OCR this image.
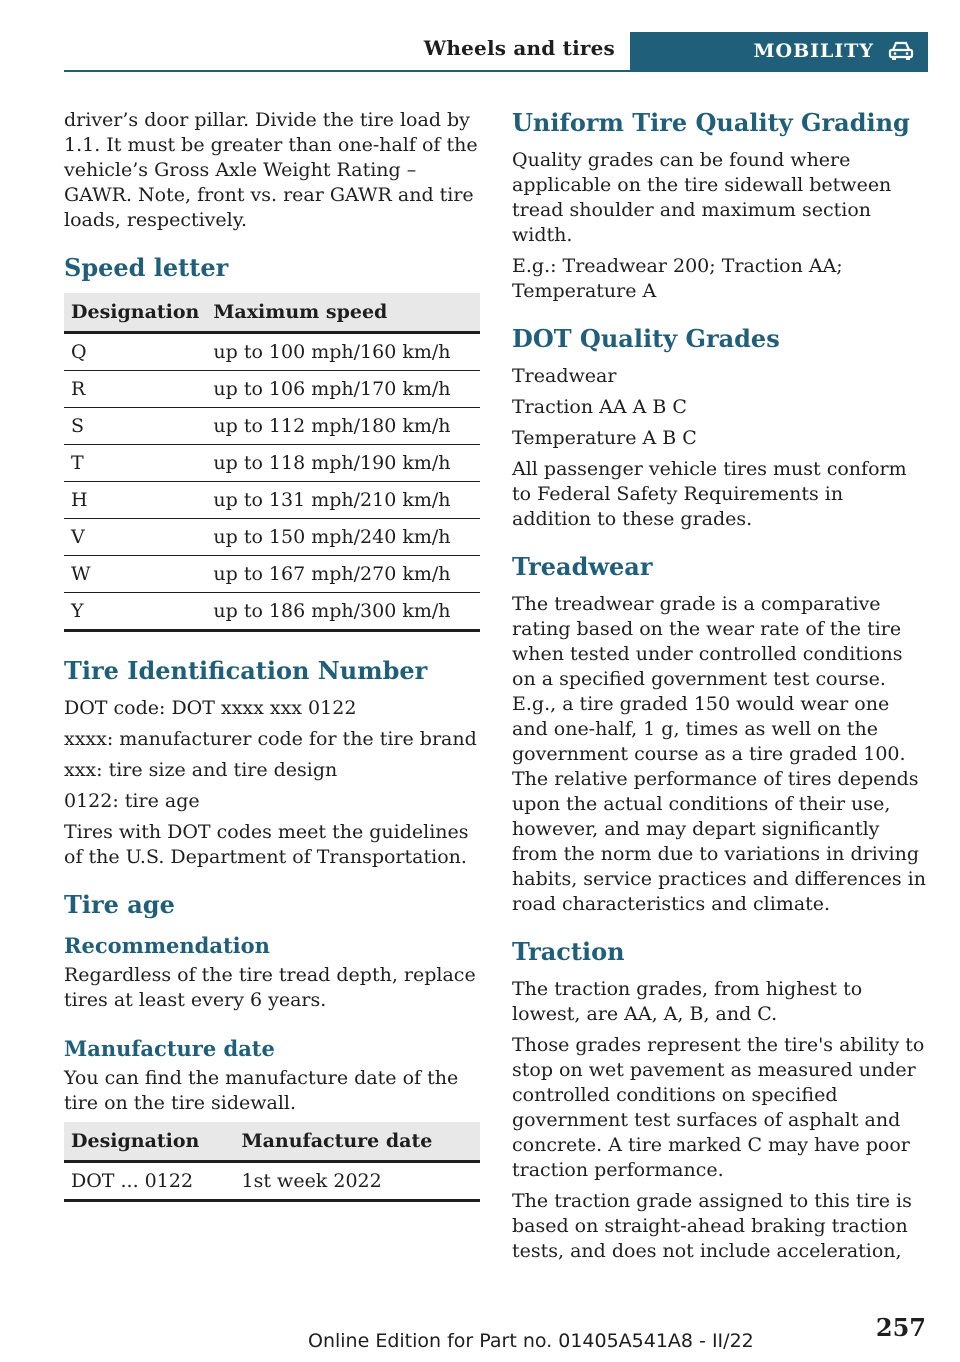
Wheels and tires	MOBILITY

driver’s door pillar. Divide the tire load by 1.1. It must be greater than one-half of the vehicle’s Gross Axle Weight Rating – GAWR. Note, front vs. rear GAWR and tire loads, respectively.

Speed letter
Designation	Maximum speed
Q	up to 100 mph/160 km/h
R	up to 106 mph/170 km/h
S	up to 112 mph/180 km/h
T	up to 118 mph/190 km/h
H	up to 131 mph/210 km/h
V	up to 150 mph/240 km/h
W	up to 167 mph/270 km/h
Y	up to 186 mph/300 km/h
Tire Identification Number

DOT code: DOT xxxx xxx 0122

xxxx: manufacturer code for the tire brand

xxx: tire size and tire design

0122: tire age

Tires with DOT codes meet the guidelines of the U.S. Department of Transportation.

Tire age
Recommendation

Regardless of the tire tread depth, replace tires at least every 6 years.

Manufacture date

You can find the manufacture date of the tire on the tire sidewall.

Designation	Manufacture date
DOT ... 0122	1st week 2022
Uniform Tire Quality Grading

Quality grades can be found where applicable on the tire sidewall between tread shoulder and maximum section width.

E.g.: Treadwear 200; Traction AA; Temperature A

DOT Quality Grades

Treadwear

Traction AA A B C

Temperature A B C

All passenger vehicle tires must conform to Federal Safety Requirements in addition to these grades.

Treadwear

The treadwear grade is a comparative rating based on the wear rate of the tire when tested under controlled conditions on a specified government test course. E.g., a tire graded 150 would wear one and one-half, 1 g, times as well on the government course as a tire graded 100. The relative performance of tires depends upon the actual conditions of their use, however, and may depart significantly from the norm due to variations in driving habits, service practices and differences in road characteristics and climate.

Traction

The traction grades, from highest to lowest, are AA, A, B, and C.

Those grades represent the tire's ability to stop on wet pavement as measured under controlled conditions on specified government test surfaces of asphalt and concrete. A tire marked C may have poor traction performance.

The traction grade assigned to this tire is based on straight-ahead braking traction tests, and does not include acceleration,

Online Edition for Part no. 01405A541A8 - II/22	257
